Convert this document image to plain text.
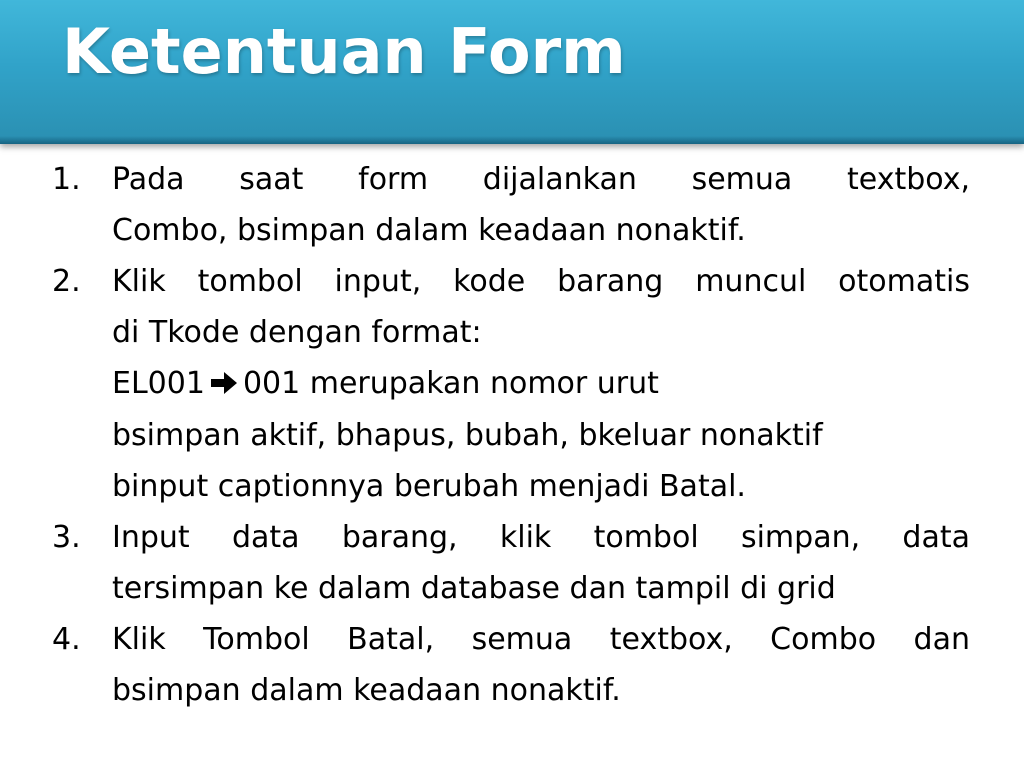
Ketentuan Form
1.	Pada saat form dijalankan semua textbox,
Combo, bsimpan dalam keadaan nonaktif.
2.	Klik tombol input, kode barang muncul otomatis
di Tkode dengan format:
EL001 001 merupakan nomor urut
bsimpan aktif, bhapus, bubah, bkeluar nonaktif
binput captionnya berubah menjadi Batal.
3.	Input data barang, klik tombol simpan, data
tersimpan ke dalam database dan tampil di grid
4.	Klik Tombol Batal, semua textbox, Combo dan
bsimpan dalam keadaan nonaktif.
